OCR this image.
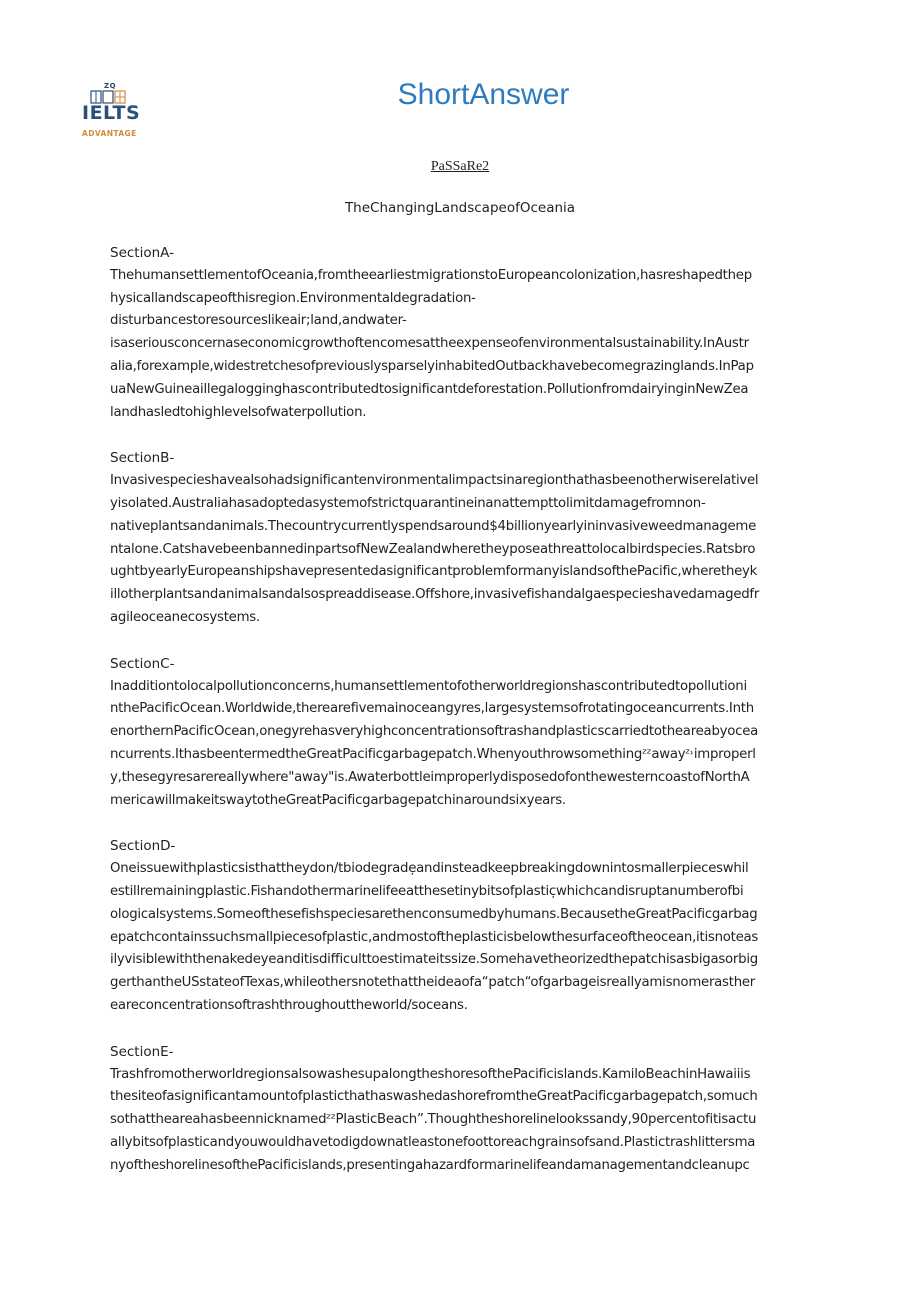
ZQ
IELTS
ADVANTAGE
ShortAnswer
PaSSaRe2
TheChangingLandscapeofOceania
SectionA-
ThehumansettlementofOceania,fromtheearliestmigrationstoEuropeancolonization,hasreshapedthep
hysicallandscapeofthisregion.Environmentaldegradation-
disturbancestoresourceslikeair;land,andwater-
isaseriousconcernaseconomicgrowthoftencomesattheexpenseofenvironmentalsustainability.InAustr
alia,forexample,widestretchesofpreviouslysparselyinhabitedOutbackhavebecomegrazinglands.InPap
uaNewGuineaillegalogginghascontributedtosignificantdeforestation.PollutionfromdairyinginNewZea
landhasledtohighlevelsofwaterpollution.
SectionB-
Invasivespecieshavealsohadsignificantenvironmentalimpactsinaregionthathasbeenotherwiserelativel
yisolated.Australiahasadoptedasystemofstrictquarantineinanattempttolimitdamagefromnon-
nativeplantsandanimals.Thecountrycurrentlyspendsaround$4billionyearlyininvasiveweedmanageme
ntalone.CatshavebeenbannedinpartsofNewZealandwheretheyposeathreattolocalbirdspecies.Ratsbro
ughtbyearlyEuropeanshipshavepresentedasignificantproblemformanyislandsofthePacific,wheretheyk
illotherplantsandanimalsandalsospreaddisease.Offshore,invasivefishandalgaespecieshavedamagedfr
agileoceanecosystems.
SectionC-
Inadditiontolocalpollutionconcerns,humansettlementofotherworldregionshascontributedtopollutioni
nthePacificOcean.Worldwide,therearefivemainoceangyres,largesystemsofrotatingoceancurrents.Inth
enorthernPacificOcean,onegyrehasveryhighconcentrationsoftrashandplasticscarriedtotheareabyocea
ncurrents.IthasbeentermedtheGreatPacificgarbagepatch.Whenyouthrowsomethingᶻᶻawayᶻ˒improperl
y,thesegyresarereallywhere"away"is.AwaterbottleimproperlydisposedofonthewesterncoastofNorthA
mericawillmakeitswaytotheGreatPacificgarbagepatchinaroundsixyears.
SectionD-
Oneissuewithplasticsisthattheydon/tbiodegrade̦andinsteadkeepbreakingdownintosmallerpieceswhil
estillremainingplastic.Fishandothermarinelifeeatthesetinybitsofplastic̦whichcandisruptanumberofbi
ologicalsystems.Someofthesefishspeciesarethenconsumedbyhumans.BecausetheGreatPacificgarbag
epatchcontainssuchsmallpiecesofplastic,andmostoftheplasticisbelowthesurfaceoftheocean,itisnoteas
ilyvisiblewiththenakedeyeanditisdifficulttoestimateitssize.Somehavetheorizedthepatchisasbigasorbig
gerthantheUSstateofTexas,whileothersnotethattheideaofa“patch“ofgarbageisreallyamisnomerasther
eareconcentrationsoftrashthroughouttheworld/soceans.
SectionE-
TrashfromotherworldregionsalsowashesupalongtheshoresofthePacificislands.KamiloBeachinHawaiiis
thesiteofasignificantamountofplasticthathaswashedashorefromtheGreatPacificgarbagepatch,somuch
sothattheareahasbeennicknamedᶻᶻPIasticBeach”.Thoughtheshorelinelookssandy,90percentofitisactu
allybitsofplasticandyouwouldhavetodigdownatleastonefoottoreachgrainsofsand.Plastictrashlittersma
nyoftheshorelinesofthePacificislands,presentingahazardformarinelifeandamanagementandcleanupc
